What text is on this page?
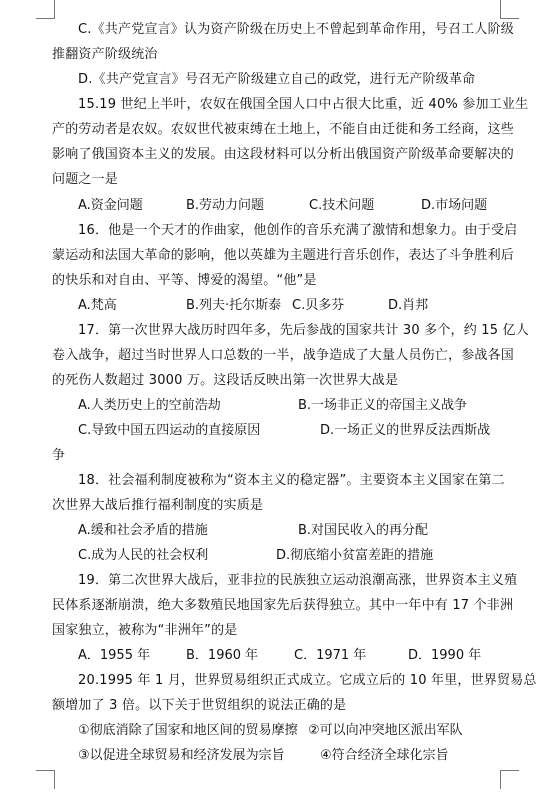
C.《共产党宣言》认为资产阶级在历史上不曾起到革命作用，号召工人阶级
推翻资产阶级统治
D.《共产党宣言》号召无产阶级建立自己的政党，进行无产阶级革命
15.19 世纪上半叶，农奴在俄国全国人口中占很大比重，近 40% 参加工业生
产的劳动者是农奴。农奴世代被束缚在土地上，不能自由迁徙和务工经商，这些
影响了俄国资本主义的发展。由这段材料可以分析出俄国资产阶级革命要解决的
问题之一是
A.资金问题	B.劳动力问题	C.技术问题	D.市场问题
16．他是一个天才的作曲家，他创作的音乐充满了激情和想象力。由于受启
蒙运动和法国大革命的影响，他以英雄为主题进行音乐创作，表达了斗争胜利后
的快乐和对自由、平等、博爱的渴望。“他”是
A.梵高	B.列夫·托尔斯泰 C.贝多芬	D.肖邦
17．第一次世界大战历时四年多，先后参战的国家共计 30 多个，约 15 亿人
卷入战争，超过当时世界人口总数的一半，战争造成了大量人员伤亡，参战各国
的死伤人数超过 3000 万。这段话反映出第一次世界大战是
A.人类历史上的空前浩劫	B.一场非正义的帝国主义战争
C.导致中国五四运动的直接原因	D.一场正义的世界反法西斯战
争
18．社会福利制度被称为“资本主义的稳定器”。主要资本主义国家在第二
次世界大战后推行福利制度的实质是
A.缓和社会矛盾的措施	B.对国民收入的再分配
C.成为人民的社会权利	D.彻底缩小贫富差距的措施
19．第二次世界大战后，亚非拉的民族独立运动浪潮高涨，世界资本主义殖
民体系逐渐崩溃，绝大多数殖民地国家先后获得独立。其中一年中有 17 个非洲
国家独立，被称为“非洲年”的是
A．1955 年	B．1960 年	C．1971 年	D．1990 年
20.1995 年 1 月，世界贸易组织正式成立。它成立后的 10 年里，世界贸易总
额增加了 3 倍。以下关于世贸组织的说法正确的是
①彻底消除了国家和地区间的贸易摩擦 ②可以向冲突地区派出军队
③以促进全球贸易和经济发展为宗旨	④符合经济全球化宗旨
